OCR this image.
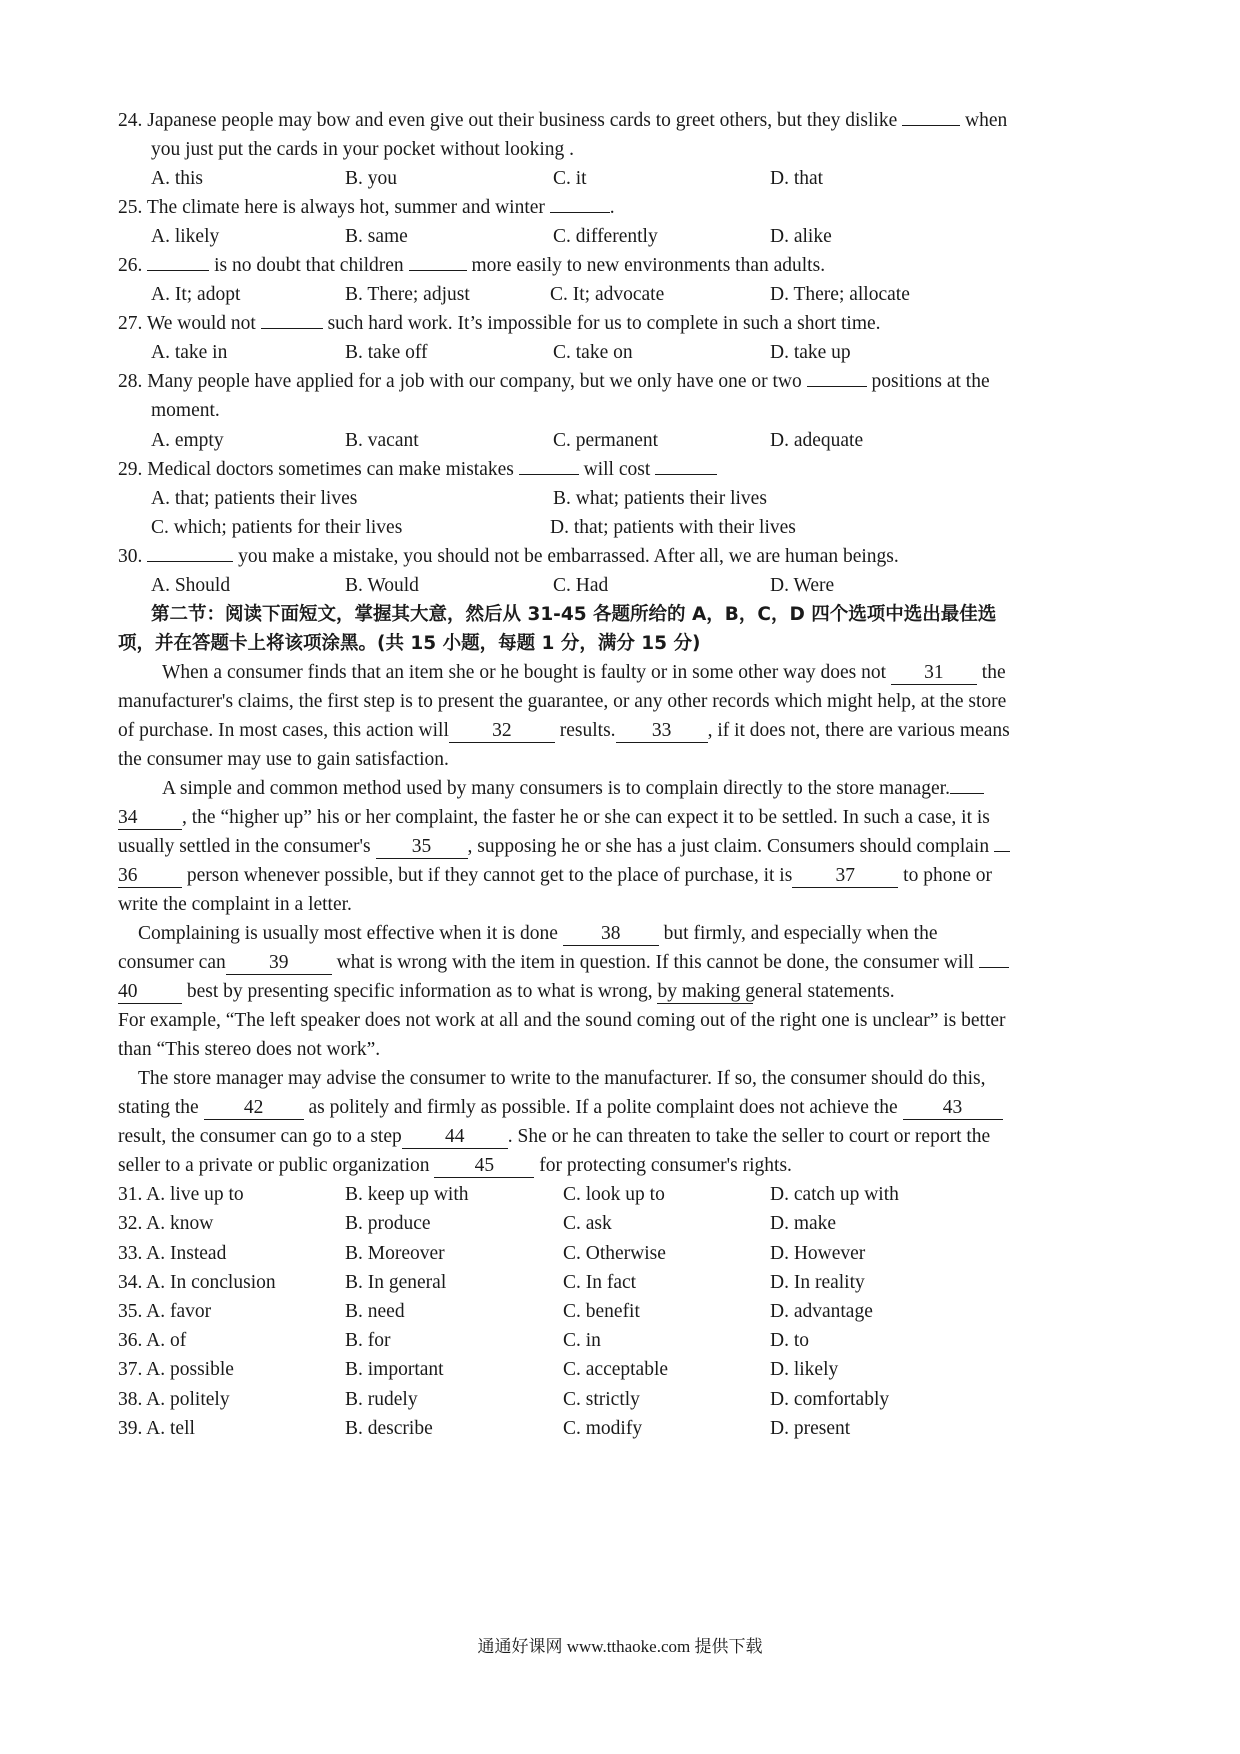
24. Japanese people may bow and even give out their business cards to greet others, but they dislike	when
you just put the cards in your pocket without looking .
A. this	B. you	C. it	D. that
25. The climate here is always hot, summer and winter	.
A. likely	B. same	C. differently	D. alike
26.	is no doubt that children	more easily to new environments than adults.
A. It; adopt	B. There; adjust	C. It; advocate	D. There; allocate
27. We would not	such hard work. It’s impossible for us to complete in such a short time.
A. take in	B. take off	C. take on	D. take up
28. Many people have applied for a job with our company, but we only have one or two	positions at the
moment.
A. empty	B. vacant	C. permanent	D. adequate
29. Medical doctors sometimes can make mistakes	will cost
A. that; patients their lives	B. what; patients their lives
C. which; patients for their lives	D. that; patients with their lives
30.	you make a mistake, you should not be embarrassed. After all, we are human beings.
A. Should	B. Would	C. Had	D. Were
第二节：阅读下面短文，掌握其大意，然后从 31-45 各题所给的 A，B，C，D 四个选项中选出最佳选
项，并在答题卡上将该项涂黑。(共 15 小题，每题 1 分，满分 15 分)
When a consumer finds that an item she or he bought is faulty or in some other way does not 31 the
manufacturer's claims, the first step is to present the guarantee, or any other records which might help, at the store
of purchase. In most cases, this action will 32 results. 33 , if it does not, there are various means
the consumer may use to gain satisfaction.
A simple and common method used by many consumers is to complain directly to the store manager.
34 , the “higher up” his or her complaint, the faster he or she can expect it to be settled. In such a case, it is
usually settled in the consumer's 35 , supposing he or she has a just claim. Consumers should complain
36 person whenever possible, but if they cannot get to the place of purchase, it is 37 to phone or
write the complaint in a letter.
Complaining is usually most effective when it is done 38 but firmly, and especially when the
consumer can 39 what is wrong with the item in question. If this cannot be done, the consumer will
40 best by presenting specific information as to what is wrong, by making general statements.
For example, “The left speaker does not work at all and the sound coming out of the right one is unclear” is better
than “This stereo does not work”.
The store manager may advise the consumer to write to the manufacturer. If so, the consumer should do this,
stating the 42 as politely and firmly as possible. If a polite complaint does not achieve the 43
result, the consumer can go to a step 44 . She or he can threaten to take the seller to court or report the
seller to a private or public organization 45 for protecting consumer's rights.
31. A. live up to	B. keep up with	C. look up to	D. catch up with
32. A. know	B. produce	C. ask	D. make
33. A. Instead	B. Moreover	C. Otherwise	D. However
34. A. In conclusion	B. In general	C. In fact	D. In reality
35. A. favor	B. need	C. benefit	D. advantage
36. A. of	B. for	C. in	D. to
37. A. possible	B. important	C. acceptable	D. likely
38. A. politely	B. rudely	C. strictly	D. comfortably
39. A. tell	B. describe	C. modify	D. present
通通好课网 www.tthaoke.com 提供下载
